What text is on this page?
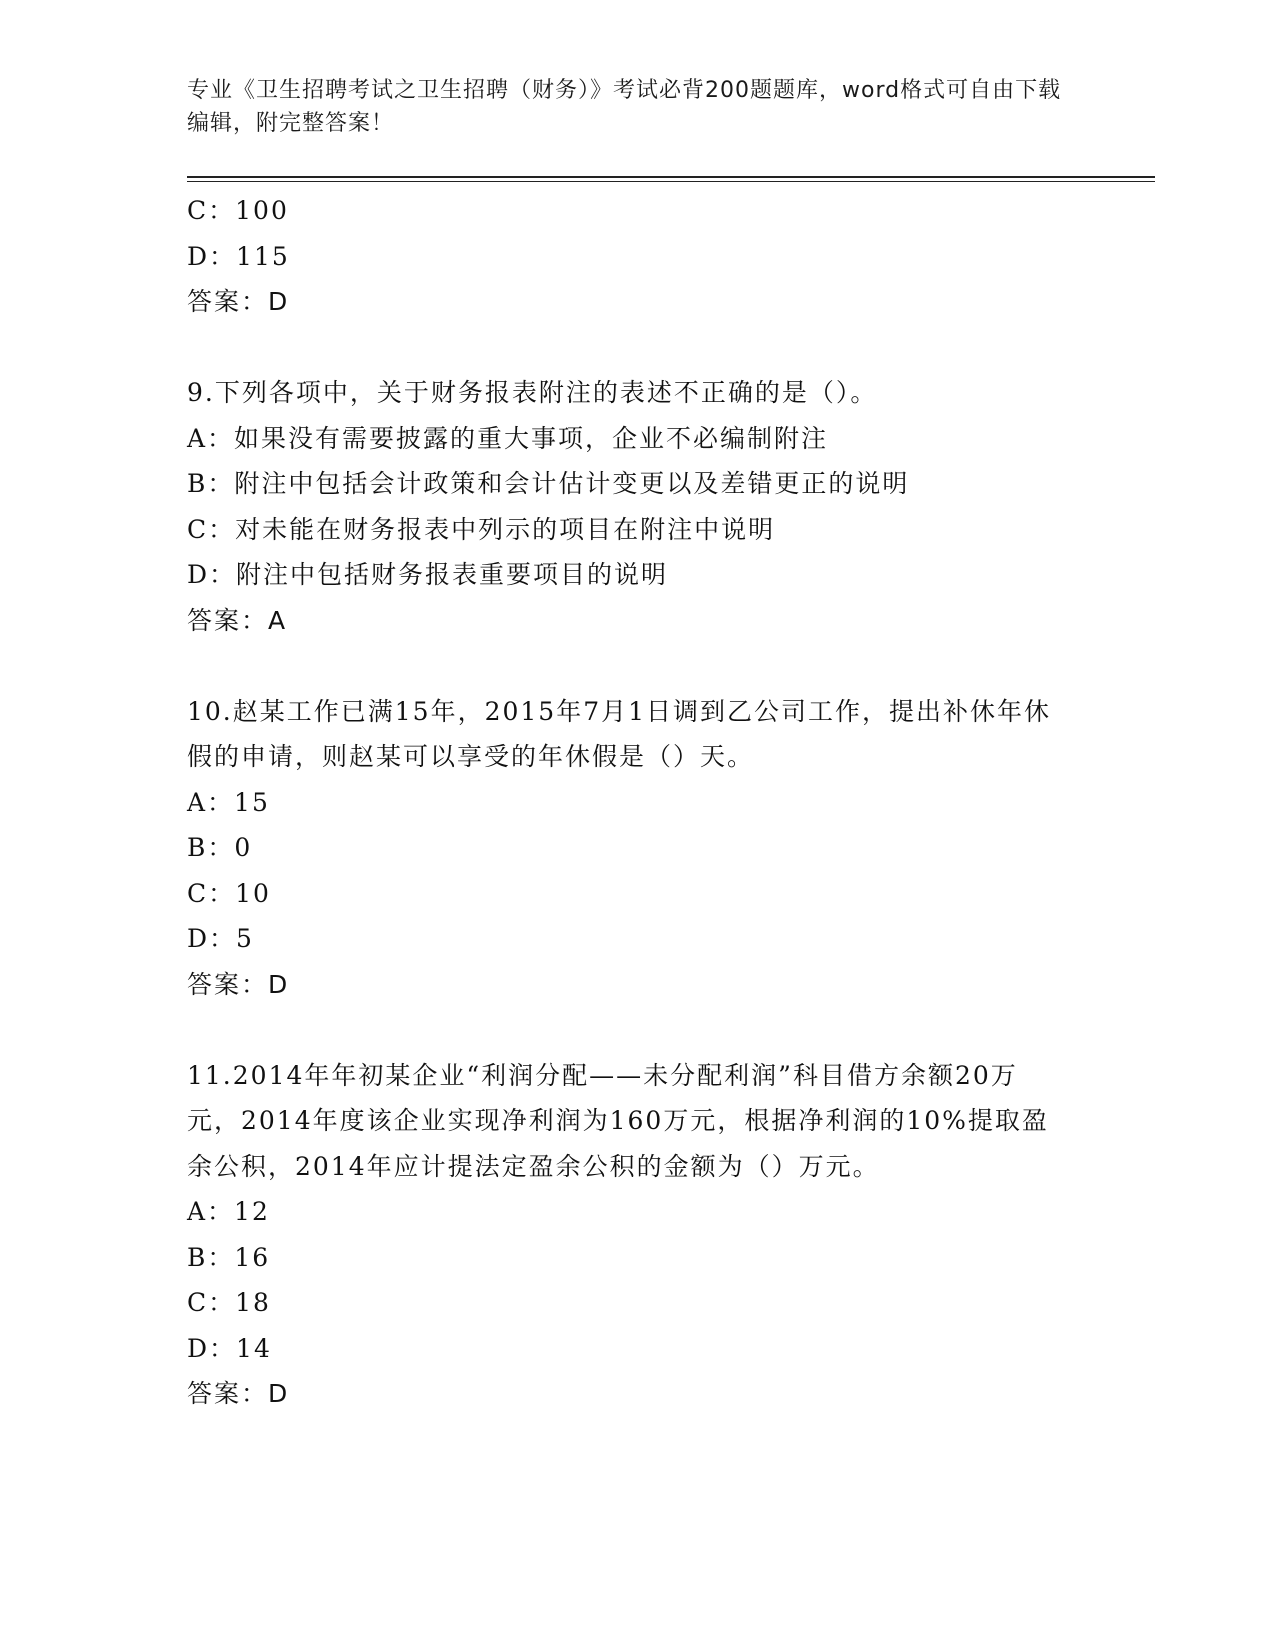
专业《卫生招聘考试之卫生招聘（财务）》考试必背200题题库，word格式可自由下载编辑，附完整答案！
C：100
D：115
答案：D
9.下列各项中，关于财务报表附注的表述不正确的是（）。
A：如果没有需要披露的重大事项，企业不必编制附注
B：附注中包括会计政策和会计估计变更以及差错更正的说明
C：对未能在财务报表中列示的项目在附注中说明
D：附注中包括财务报表重要项目的说明
答案：A
10.赵某工作已满15年，2015年7月1日调到乙公司工作，提出补休年休假的申请，则赵某可以享受的年休假是（）天。
A：15
B：0
C：10
D：5
答案：D
11.2014年年初某企业“利润分配——未分配利润”科目借方余额20万元，2014年度该企业实现净利润为160万元，根据净利润的10%提取盈余公积，2014年应计提法定盈余公积的金额为（）万元。
A：12
B：16
C：18
D：14
答案：D
